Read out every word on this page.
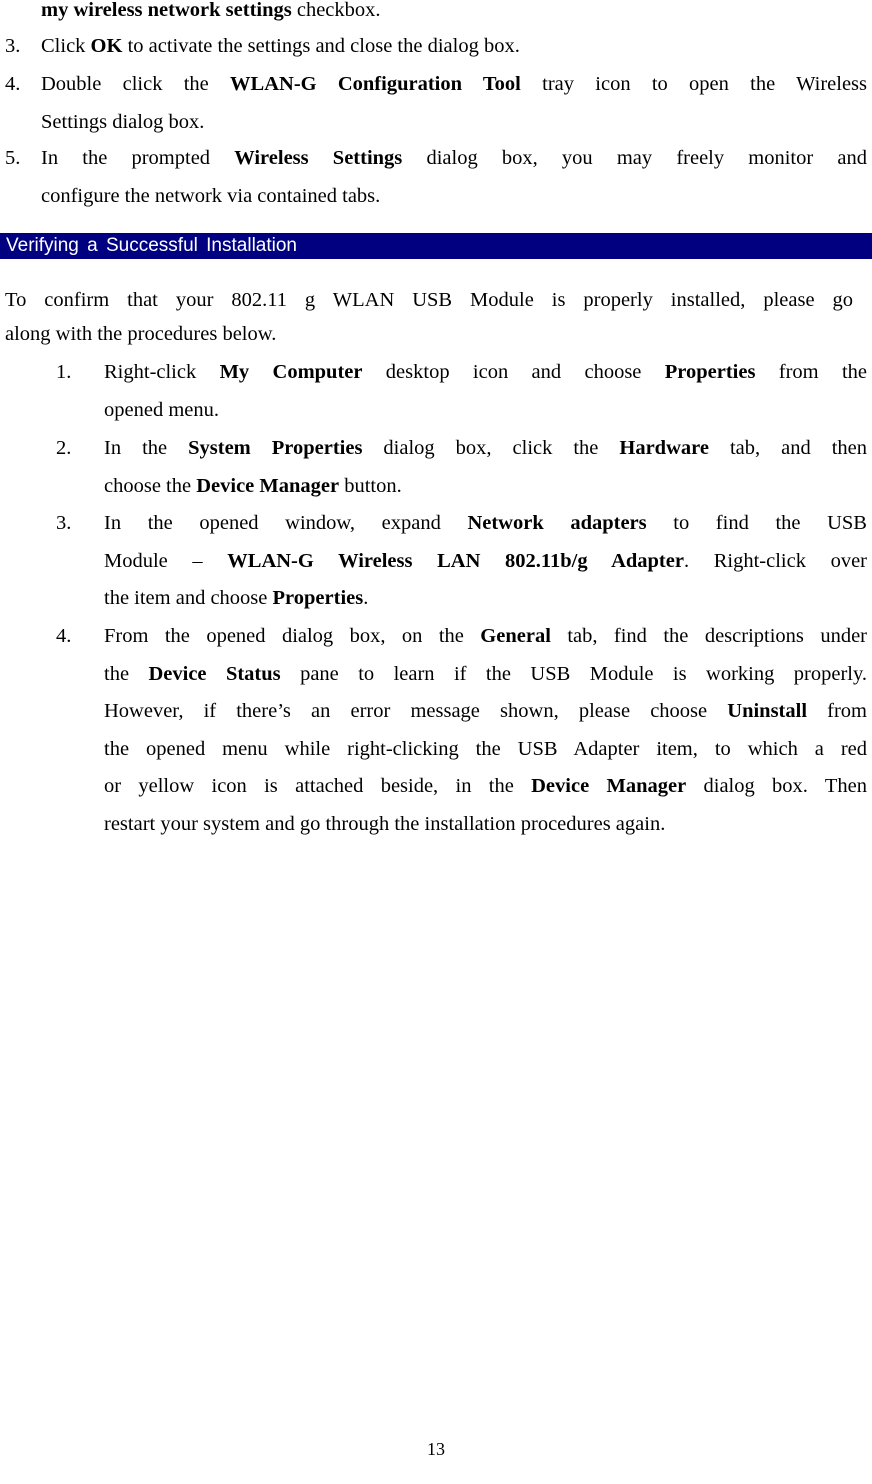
my wireless network settings checkbox.
3. Click OK to activate the settings and close the dialog box.
4. Double click the WLAN-G Configuration Tool tray icon to open the Wireless
Settings dialog box.
5. In the prompted Wireless Settings dialog box, you may freely monitor and
configure the network via contained tabs.
Verifying a Successful Installation
To confirm that your 802.11 g WLAN USB Module is properly installed, please go
along with the procedures below.
1. Right-click My Computer desktop icon and choose Properties from the
opened menu.
2. In the System Properties dialog box, click the Hardware tab, and then
choose the Device Manager button.
3. In the opened window, expand Network adapters to find the USB
Module – WLAN-G Wireless LAN 802.11b/g Adapter. Right-click over
the item and choose Properties.
4. From the opened dialog box, on the General tab, find the descriptions under
the Device Status pane to learn if the USB Module is working properly.
However, if there’s an error message shown, please choose Uninstall from
the opened menu while right-clicking the USB Adapter item, to which a red
or yellow icon is attached beside, in the Device Manager dialog box. Then
restart your system and go through the installation procedures again.
13
